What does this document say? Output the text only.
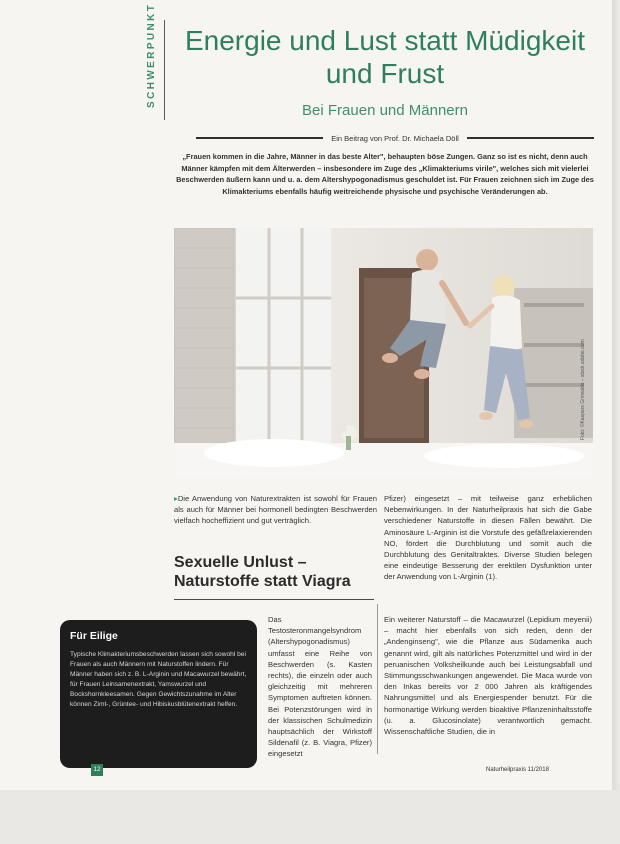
SCHWERPUNKT Energie und Lust statt Müdigkeit und Frust
Bei Frauen und Männern
Ein Beitrag von Prof. Dr. Michaela Döll
„Frauen kommen in die Jahre, Männer in das beste Alter", behaupten böse Zungen. Ganz so ist es nicht, denn auch Männer kämpfen mit dem Älterwerden – insbesondere im Zuge des „Klimakteriums virile", welches sich mit vielerlei Beschwerden äußern kann und u. a. dem Altershypogonadismus geschuldet ist. Für Frauen zeichnen sich im Zuge des Klimakteriums ebenfalls häufig weitreichende physische und psychische Veränderungen ab.
Foto: ©Kaspars Grinvalds – stock.adobe.com
▸Die Anwendung von Naturextrakten ist sowohl für Frauen als auch für Männer bei hormonell bedingten Beschwerden vielfach hocheffizient und gut verträglich.
Sexuelle Unlust – Naturstoffe statt Viagra
Pfizer) eingesetzt – mit teilweise ganz erheblichen Nebenwirkungen. In der Naturheilpraxis hat sich die Gabe verschiedener Naturstoffe in diesen Fällen bewährt. Die Aminosäure L-Arginin ist die Vorstufe des gefäßrelaxierenden NO, fördert die Durchblutung und somit auch die Durchblutung des Genitaltraktes. Diverse Studien belegen eine eindeutige Besserung der erektilen Dysfunktion unter der Anwendung von L-Arginin (1).
Das Testosteronmangelsyndrom (Altershypogonadismus) umfasst eine Reihe von Beschwerden (s. Kasten rechts), die einzeln oder auch gleichzeitig mit mehreren Symptomen auftreten können. Bei Potenzstörungen wird in der klassischen Schulmedizin hauptsächlich der Wirkstoff Sildenafil (z. B. Viagra, Pfizer) eingesetzt
Ein weiterer Naturstoff – die Macawurzel (Lepidium meyenii) – macht hier ebenfalls von sich reden, denn der „Andenginseng", wie die Pflanze aus Südamerika auch genannt wird, gilt als natürliches Potenzmittel und wird in der peruanischen Volksheilkunde auch bei Leistungsabfall und Stimmungsschwankungen angewendet. Die Maca wurde von den Inkas bereits vor 2 000 Jahren als kräftigendes Nahrungsmittel und als Energiespender benutzt. Für die hormonartige Wirkung werden bioaktive Pflanzeninhaltsstoffe (u. a. Glucosinolate) verantwortlich gemacht. Wissenschaftliche Studien, die in
Für Eilige
Typische Klimakteriumsbeschwerden lassen sich sowohl bei Frauen als auch Männern mit Naturstoffen lindern. Für Männer haben sich z. B. L-Arginin und Macawurzel bewährt, für Frauen Leinsamenextrakt, Yamswurzel und Bockshornkleesamen. Gegen Gewichtszunahme im Alter können Zimt-, Grüntee- und Hibiskusblütenextrakt helfen.
12	Naturheilpraxis 11/2018
